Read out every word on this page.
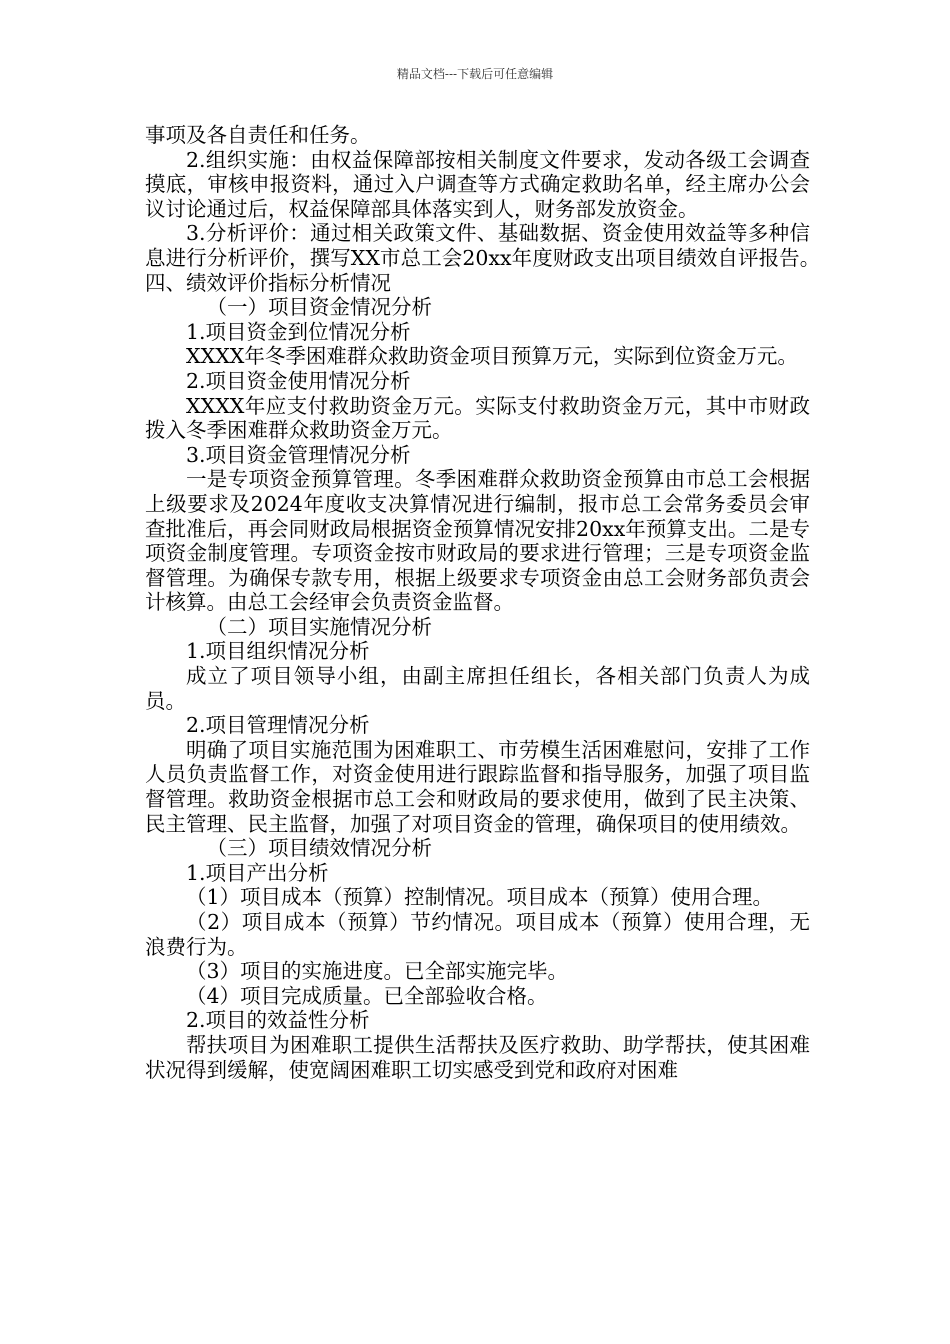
精品文档---下载后可任意编辑

事项及各自责任和任务。

2.组织实施：由权益保障部按相关制度文件要求，发动各级工会调查摸底，审核申报资料，通过入户调查等方式确定救助名单，经主席办公会议讨论通过后，权益保障部具体落实到人，财务部发放资金。

3.分析评价：通过相关政策文件、基础数据、资金使用效益等多种信息进行分析评价，撰写XX市总工会20xx年度财政支出项目绩效自评报告。　　四、绩效评价指标分析情况

（一）项目资金情况分析

1.项目资金到位情况分析

XXXX年冬季困难群众救助资金项目预算万元，实际到位资金万元。

2.项目资金使用情况分析

XXXX年应支付救助资金万元。实际支付救助资金万元，其中市财政拨入冬季困难群众救助资金万元。

3.项目资金管理情况分析

一是专项资金预算管理。冬季困难群众救助资金预算由市总工会根据上级要求及2024年度收支决算情况进行编制，报市总工会常务委员会审查批准后，再会同财政局根据资金预算情况安排20xx年预算支出。二是专项资金制度管理。专项资金按市财政局的要求进行管理；三是专项资金监督管理。为确保专款专用，根据上级要求专项资金由总工会财务部负责会计核算。由总工会经审会负责资金监督。

（二）项目实施情况分析

1.项目组织情况分析

成立了项目领导小组，由副主席担任组长，各相关部门负责人为成员。

2.项目管理情况分析

明确了项目实施范围为困难职工、市劳模生活困难慰问，安排了工作人员负责监督工作，对资金使用进行跟踪监督和指导服务，加强了项目监督管理。救助资金根据市总工会和财政局的要求使用，做到了民主决策、民主管理、民主监督，加强了对项目资金的管理，确保项目的使用绩效。

（三）项目绩效情况分析

1.项目产出分析

（1）项目成本（预算）控制情况。项目成本（预算）使用合理。

（2）项目成本（预算）节约情况。项目成本（预算）使用合理，无浪费行为。

（3）项目的实施进度。已全部实施完毕。

（4）项目完成质量。已全部验收合格。

2.项目的效益性分析

帮扶项目为困难职工提供生活帮扶及医疗救助、助学帮扶，使其困难状况得到缓解，使宽阔困难职工切实感受到党和政府对困难
